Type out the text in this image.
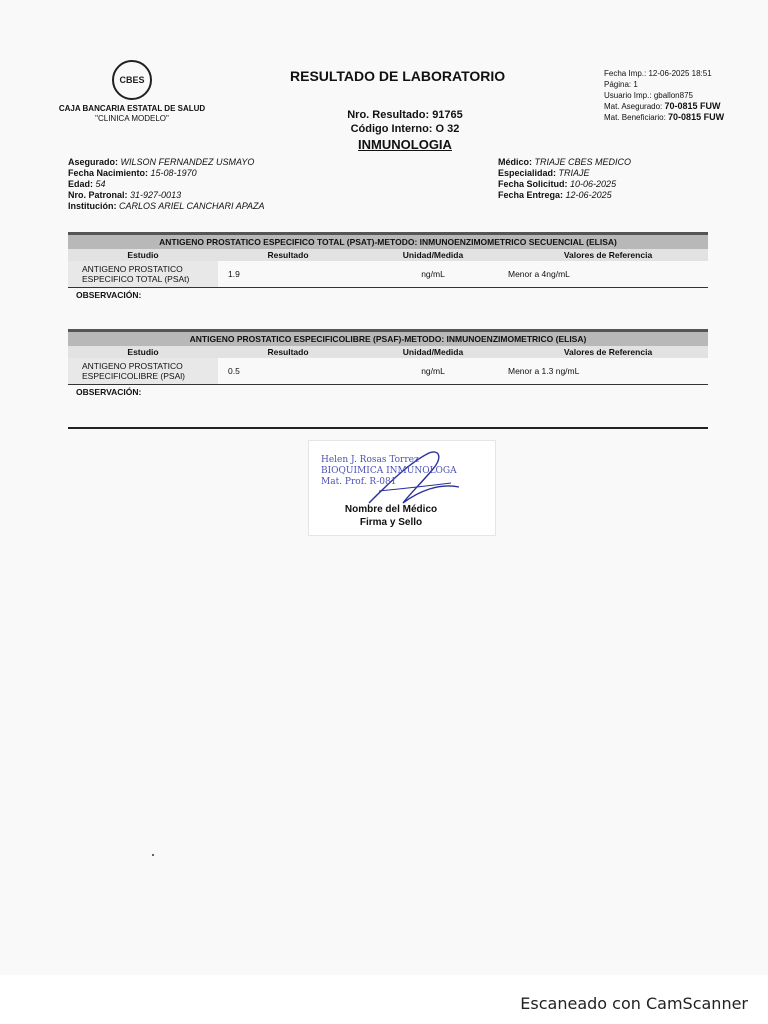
CBES
CAJA BANCARIA ESTATAL DE SALUD
"CLINICA MODELO"
RESULTADO DE LABORATORIO
Nro. Resultado: 91765
Código Interno: O 32
INMUNOLOGIA
Fecha Imp.: 12-06-2025 18:51
Página: 1
Usuario Imp.: gballon875
Mat. Asegurado: 70-0815 FUW
Mat. Beneficiario: 70-0815 FUW
Asegurado: WILSON FERNANDEZ USMAYO
Fecha Nacimiento: 15-08-1970
Edad: 54
Nro. Patronal: 31-927-0013
Institución: CARLOS ARIEL CANCHARI APAZA
Médico: TRIAJE CBES MEDICO
Especialidad: TRIAJE
Fecha Solicitud: 10-06-2025
Fecha Entrega: 12-06-2025
ANTIGENO PROSTATICO ESPECIFICO TOTAL (PSAT)-METODO: INMUNOENZIMOMETRICO SECUENCIAL (ELISA)
Estudio	Resultado	Unidad/Medida	Valores de Referencia
ANTIGENO PROSTATICO
ESPECIFICO TOTAL (PSAt)	1.9	ng/mL	Menor a 4ng/mL
OBSERVACIÓN:
ANTIGENO PROSTATICO ESPECIFICOLIBRE (PSAF)-METODO: INMUNOENZIMOMETRICO (ELISA)
Estudio	Resultado	Unidad/Medida	Valores de Referencia
ANTIGENO PROSTATICO
ESPECIFICOLIBRE (PSAl)	0.5	ng/mL	Menor a 1.3 ng/mL
OBSERVACIÓN:
Helen J. Rosas Torrez
BIOQUIMICA INMUNOLOGA
Mat. Prof. R-081
Nombre del Médico
Firma y Sello
Escaneado con CamScanner
